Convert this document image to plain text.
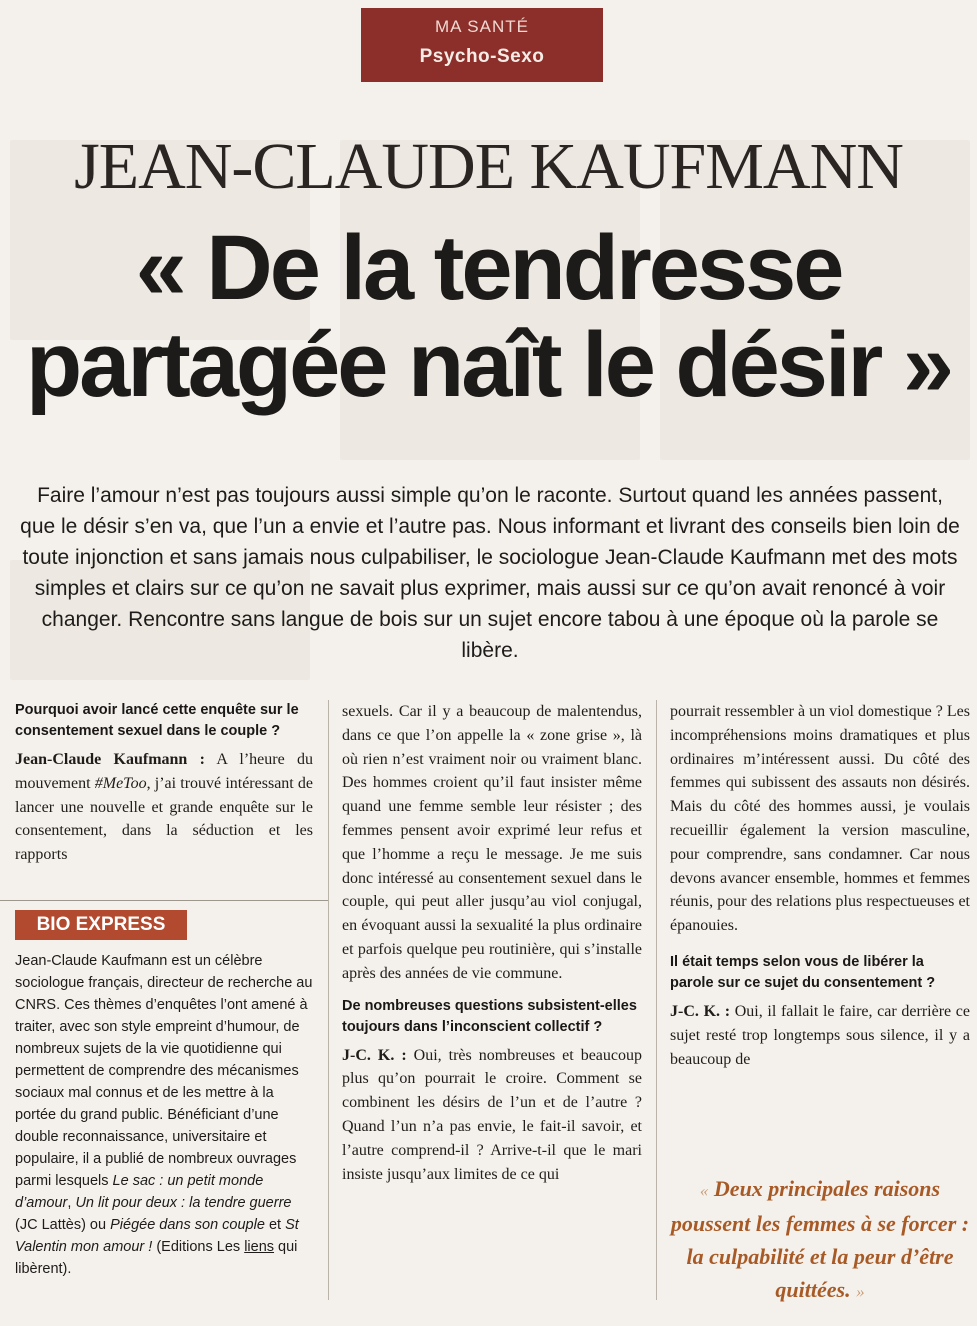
MA SANTÉ
Psycho-Sexo
JEAN-CLAUDE KAUFMANN
« De la tendresse
partagée naît le désir »
Faire l’amour n’est pas toujours aussi simple qu’on le raconte. Surtout quand les années passent, que le désir s’en va, que l’un a envie et l’autre pas. Nous informant et livrant des conseils bien loin de toute injonction et sans jamais nous culpabiliser, le sociologue Jean-Claude Kaufmann met des mots simples et clairs sur ce qu’on ne savait plus exprimer, mais aussi sur ce qu’on avait renoncé à voir changer. Rencontre sans langue de bois sur un sujet encore tabou à une époque où la parole se libère.
Pourquoi avoir lancé cette enquête sur le consentement sexuel dans le couple ?
Jean-Claude Kaufmann : A l’heure du mouvement #MeToo, j’ai trouvé intéressant de lancer une nouvelle et grande enquête sur le consentement, dans la séduction et les rapports
BIO EXPRESS
Jean-Claude Kaufmann est un célèbre sociologue français, directeur de recherche au CNRS. Ces thèmes d’enquêtes l’ont amené à traiter, avec son style empreint d’humour, de nombreux sujets de la vie quotidienne qui permettent de comprendre des mécanismes sociaux mal connus et de les mettre à la portée du grand public. Bénéficiant d’une double reconnaissance, universitaire et populaire, il a publié de nombreux ouvrages parmi lesquels Le sac : un petit monde d’amour, Un lit pour deux : la tendre guerre (JC Lattès) ou Piégée dans son couple et St Valentin mon amour ! (Editions Les liens qui libèrent).
sexuels. Car il y a beaucoup de malentendus, dans ce que l’on appelle la « zone grise », là où rien n’est vraiment noir ou vraiment blanc. Des hommes croient qu’il faut insister même quand une femme semble leur résister ; des femmes pensent avoir exprimé leur refus et que l’homme a reçu le message. Je me suis donc intéressé au consentement sexuel dans le couple, qui peut aller jusqu’au viol conjugal, en évoquant aussi la sexualité la plus ordinaire et parfois quelque peu routinière, qui s’installe après des années de vie commune.
De nombreuses questions subsistent-elles toujours dans l’inconscient collectif ?
J-C. K. : Oui, très nombreuses et beaucoup plus qu’on pourrait le croire. Comment se combinent les désirs de l’un et de l’autre ? Quand l’un n’a pas envie, le fait-il savoir, et l’autre comprend-il ? Arrive-t-il que le mari insiste jusqu’aux limites de ce qui
pourrait ressembler à un viol domestique ? Les incompréhensions moins dramatiques et plus ordinaires m’intéressent aussi. Du côté des femmes qui subissent des assauts non désirés. Mais du côté des hommes aussi, je voulais recueillir également la version masculine, pour comprendre, sans condamner. Car nous devons avancer ensemble, hommes et femmes réunis, pour des relations plus respectueuses et épanouies.
Il était temps selon vous de libérer la parole sur ce sujet du consentement ?
J-C. K. : Oui, il fallait le faire, car derrière ce sujet resté trop longtemps sous silence, il y a beaucoup de
« Deux principales raisons poussent les femmes à se forcer : la culpabilité et la peur d’être quittées. »
